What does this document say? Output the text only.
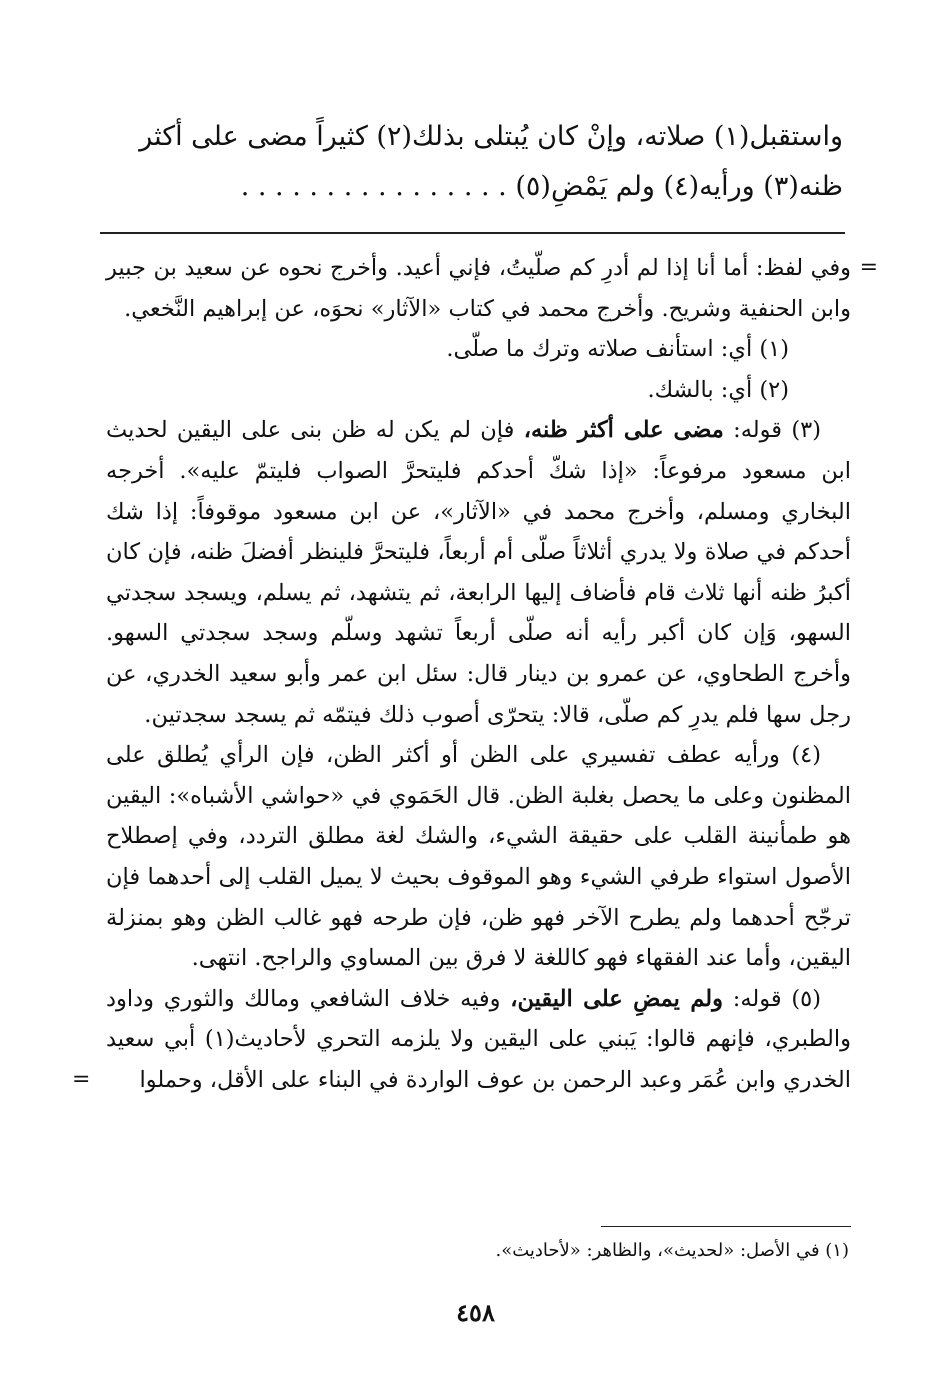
واستقبل(١) صلاته، وإنْ كان يُبتلى بذلك(٢) كثيراً مضى على أكثر
ظنه(٣) ورأيه(٤) ولم يَمْضِ(٥) . . . . . . . . . . . . . . . .

=
وفي لفظ: أما أنا إذا لم أدرِ كم صلّيتُ، فإني أعيد. وأخرج نحوه عن سعيد بن جبير وابن الحنفية وشريح. وأخرج محمد في كتاب «الآثار» نحوَه، عن إبراهيم النَّخعي.

(١) أي: استأنف صلاته وترك ما صلّى.

(٢) أي: بالشك.

(٣) قوله: مضى على أكثر ظنه، فإن لم يكن له ظن بنى على اليقين لحديث ابن مسعود مرفوعاً: «إذا شكّ أحدكم فليتحرَّ الصواب فليتمّ عليه». أخرجه البخاري ومسلم، وأخرج محمد في «الآثار»، عن ابن مسعود موقوفاً: إذا شك أحدكم في صلاة ولا يدري أثلاثاً صلّى أم أربعاً، فليتحرَّ فلينظر أفضلَ ظنه، فإن كان أكبرُ ظنه أنها ثلاث قام فأضاف إليها الرابعة، ثم يتشهد، ثم يسلم، ويسجد سجدتي السهو، وَإن كان أكبر رأيه أنه صلّى أربعاً تشهد وسلّم وسجد سجدتي السهو. وأخرج الطحاوي، عن عمرو بن دينار قال: سئل ابن عمر وأبو سعيد الخدري، عن رجل سها فلم يدرِ كم صلّى، قالا: يتحرّى أصوب ذلك فيتمّه ثم يسجد سجدتين.

(٤) ورأيه عطف تفسيري على الظن أو أكثر الظن، فإن الرأي يُطلق على المظنون وعلى ما يحصل بغلبة الظن. قال الحَمَوي في «حواشي الأشباه»: اليقين هو طمأنينة القلب على حقيقة الشيء، والشك لغة مطلق التردد، وفي إصطلاح الأصول استواء طرفي الشيء وهو الموقوف بحيث لا يميل القلب إلى أحدهما فإن ترجّح أحدهما ولم يطرح الآخر فهو ظن، فإن طرحه فهو غالب الظن وهو بمنزلة اليقين، وأما عند الفقهاء فهو كاللغة لا فرق بين المساوي والراجح. انتهى.

(٥) قوله: ولم يمضِ على اليقين، وفيه خلاف الشافعي ومالك والثوري وداود والطبري، فإنهم قالوا: يَبني على اليقين ولا يلزمه التحري لأحاديث(١) أبي سعيد الخدري وابن عُمَر وعبد الرحمن بن عوف الواردة في البناء على الأقل، وحملوا
=

(١) في الأصل: «لحديث»، والظاهر: «لأحاديث».
٤٥٨
